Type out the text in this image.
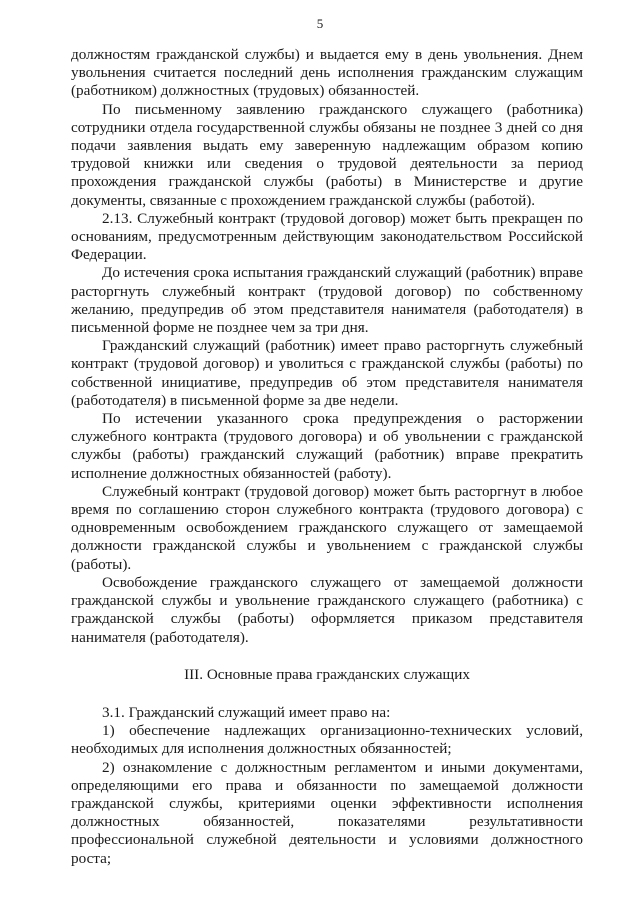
5

должностям гражданской службы) и выдается ему в день увольнения. Днем увольнения считается последний день исполнения гражданским служащим (работником) должностных (трудовых) обязанностей.

По письменному заявлению гражданского служащего (работника) сотрудники отдела государственной службы обязаны не позднее 3 дней со дня подачи заявления выдать ему заверенную надлежащим образом копию трудовой книжки или сведения о трудовой деятельности за период прохождения гражданской службы (работы) в Министерстве и другие документы, связанные с прохождением гражданской службы (работой).

2.13. Служебный контракт (трудовой договор) может быть прекращен по основаниям, предусмотренным действующим законодательством Российской Федерации.

До истечения срока испытания гражданский служащий (работник) вправе расторгнуть служебный контракт (трудовой договор) по собственному желанию, предупредив об этом представителя нанимателя (работодателя) в письменной форме не позднее чем за три дня.

Гражданский служащий (работник) имеет право расторгнуть служебный контракт (трудовой договор) и уволиться с гражданской службы (работы) по собственной инициативе, предупредив об этом представителя нанимателя (работодателя) в письменной форме за две недели.

По истечении указанного срока предупреждения о расторжении служебного контракта (трудового договора) и об увольнении с гражданской службы (работы) гражданский служащий (работник) вправе прекратить исполнение должностных обязанностей (работу).

Служебный контракт (трудовой договор) может быть расторгнут в любое время по соглашению сторон служебного контракта (трудового договора) с одновременным освобождением гражданского служащего от замещаемой должности гражданской службы и увольнением с гражданской службы (работы).

Освобождение гражданского служащего от замещаемой должности гражданской службы и увольнение гражданского служащего (работника) с гражданской службы (работы) оформляется приказом представителя нанимателя (работодателя).

III. Основные права гражданских служащих

3.1. Гражданский служащий имеет право на:

1) обеспечение надлежащих организационно-технических условий, необходимых для исполнения должностных обязанностей;

2) ознакомление с должностным регламентом и иными документами, определяющими его права и обязанности по замещаемой должности гражданской службы, критериями оценки эффективности исполнения должностных обязанностей, показателями результативности профессиональной служебной деятельности и условиями должностного роста;
